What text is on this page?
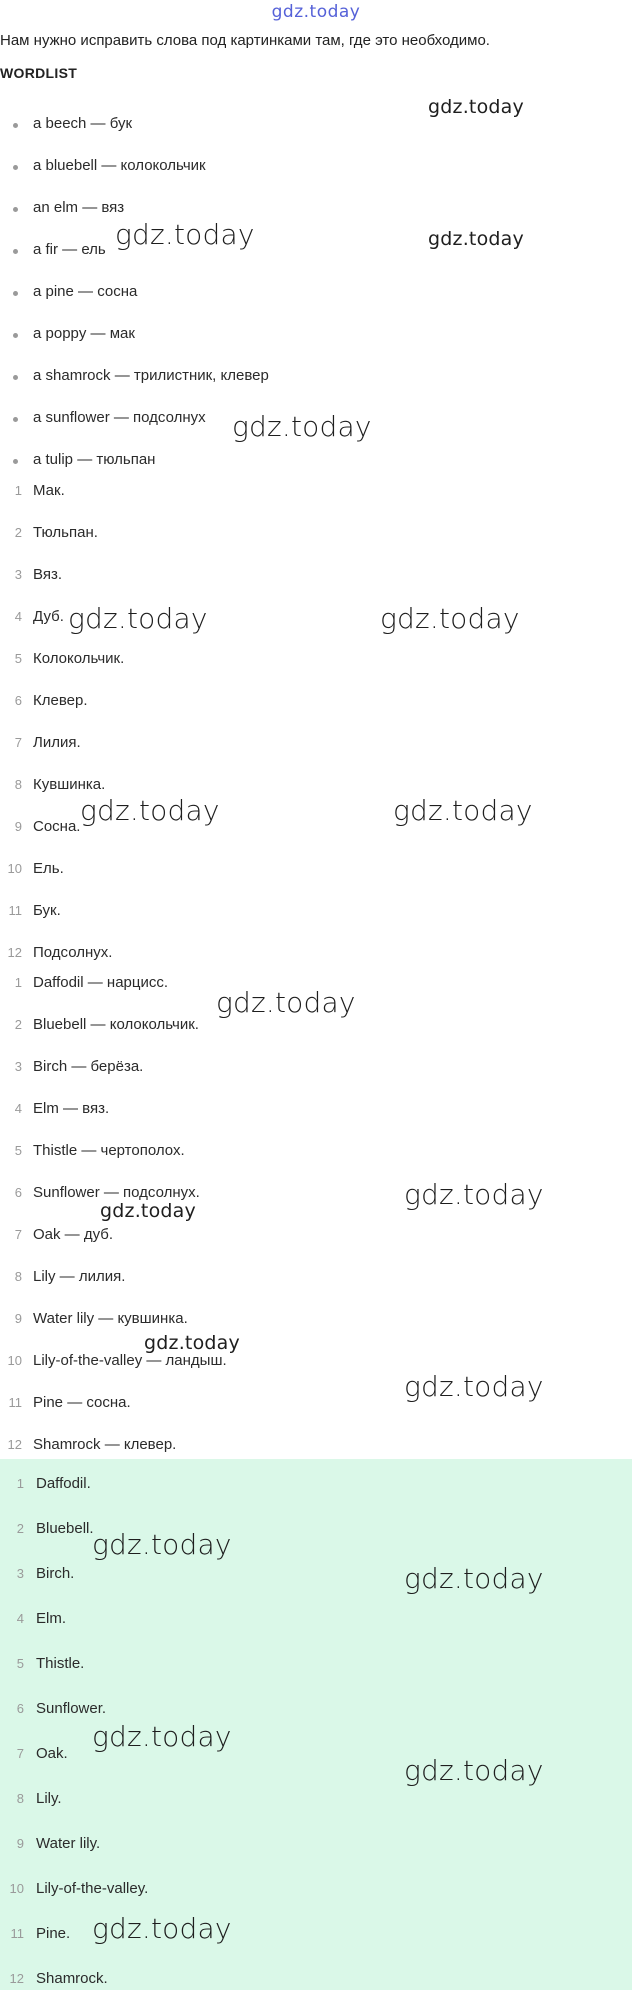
gdz.today
Нам нужно исправить слова под картинками там, где это необходимо.
WORDLIST
a beech — бук
a bluebell — колокольчик
an elm — вяз
a fir — ель
a pine — сосна
a poppy — мак
a shamrock — трилистник, клевер
a sunflower — подсолнух
a tulip — тюльпан
1 Мак.
2 Тюльпан.
3 Вяз.
4 Дуб.
5 Колокольчик.
6 Клевер.
7 Лилия.
8 Кувшинка.
9 Сосна.
10 Ель.
11 Бук.
12 Подсолнух.
1 Daffodil — нарцисс.
2 Bluebell — колокольчик.
3 Birch — берёза.
4 Elm — вяз.
5 Thistle — чертополох.
6 Sunflower — подсолнух.
7 Oak — дуб.
8 Lily — лилия.
9 Water lily — кувшинка.
10 Lily-of-the-valley — ландыш.
11 Pine — сосна.
12 Shamrock — клевер.
1 Daffodil.
2 Bluebell.
3 Birch.
4 Elm.
5 Thistle.
6 Sunflower.
7 Oak.
8 Lily.
9 Water lily.
10 Lily-of-the-valley.
11 Pine.
12 Shamrock.
gdz.today
gdz.today	gdz.today
gdz.today
gdz.today	gdz.today
gdz.today	gdz.today
gdz.today
gdz.today
gdz.today
gdz.today
gdz.today
gdz.today
gdz.today
gdz.today
gdz.today
gdz.today
